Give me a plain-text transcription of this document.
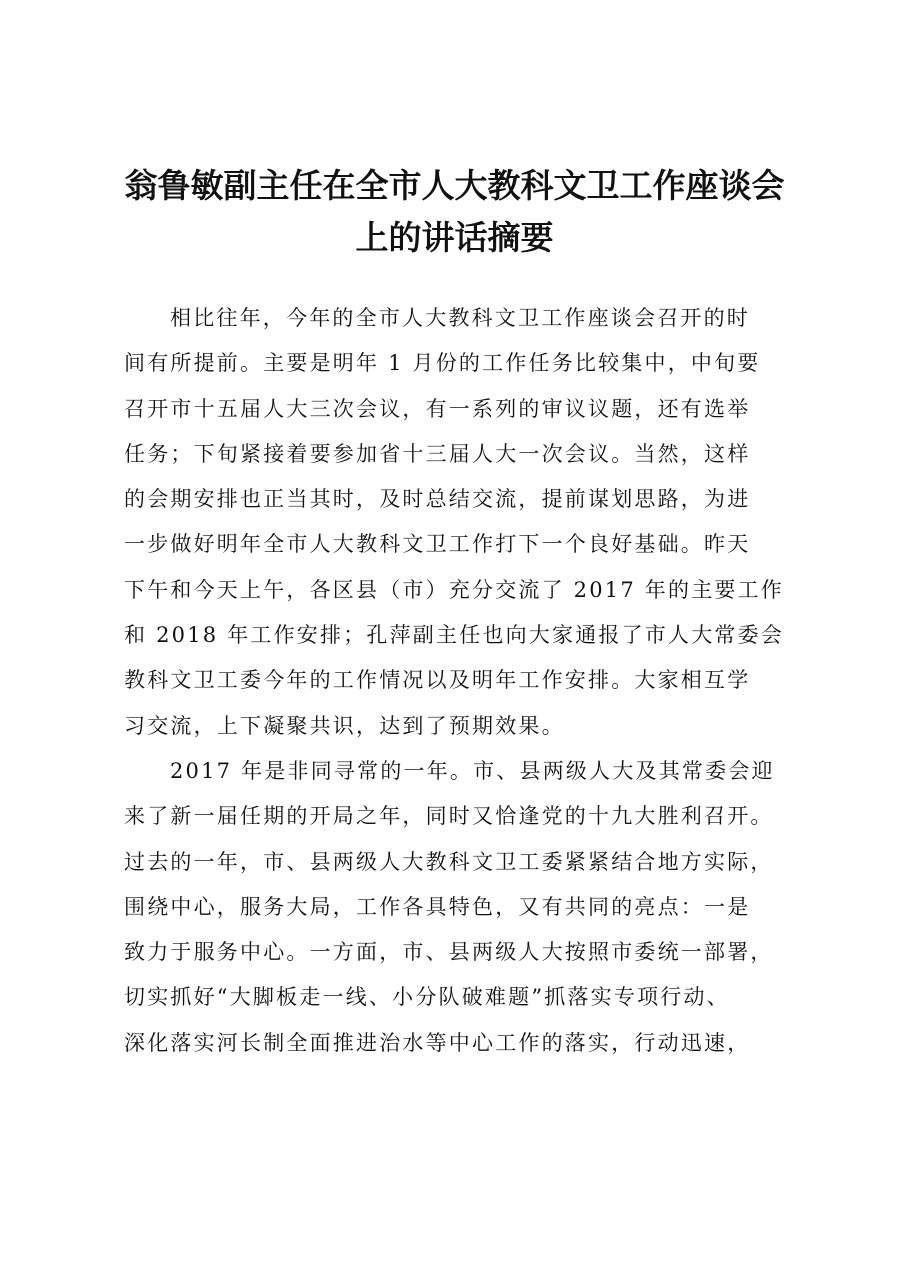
翁鲁敏副主任在全市人大教科文卫工作座谈会
上的讲话摘要

相比往年，今年的全市人大教科文卫工作座谈会召开的时
间有所提前。主要是明年 1 月份的工作任务比较集中，中旬要
召开市十五届人大三次会议，有一系列的审议议题，还有选举
任务；下旬紧接着要参加省十三届人大一次会议。当然，这样
的会期安排也正当其时，及时总结交流，提前谋划思路，为进
一步做好明年全市人大教科文卫工作打下一个良好基础。昨天
下午和今天上午，各区县（市）充分交流了 2017 年的主要工作
和 2018 年工作安排；孔萍副主任也向大家通报了市人大常委会
教科文卫工委今年的工作情况以及明年工作安排。大家相互学
习交流，上下凝聚共识，达到了预期效果。

2017 年是非同寻常的一年。市、县两级人大及其常委会迎
来了新一届任期的开局之年，同时又恰逢党的十九大胜利召开。
过去的一年，市、县两级人大教科文卫工委紧紧结合地方实际，
围绕中心，服务大局，工作各具特色，又有共同的亮点：一是
致力于服务中心。一方面，市、县两级人大按照市委统一部署，
切实抓好“大脚板走一线、小分队破难题”抓落实专项行动、
深化落实河长制全面推进治水等中心工作的落实，行动迅速，
